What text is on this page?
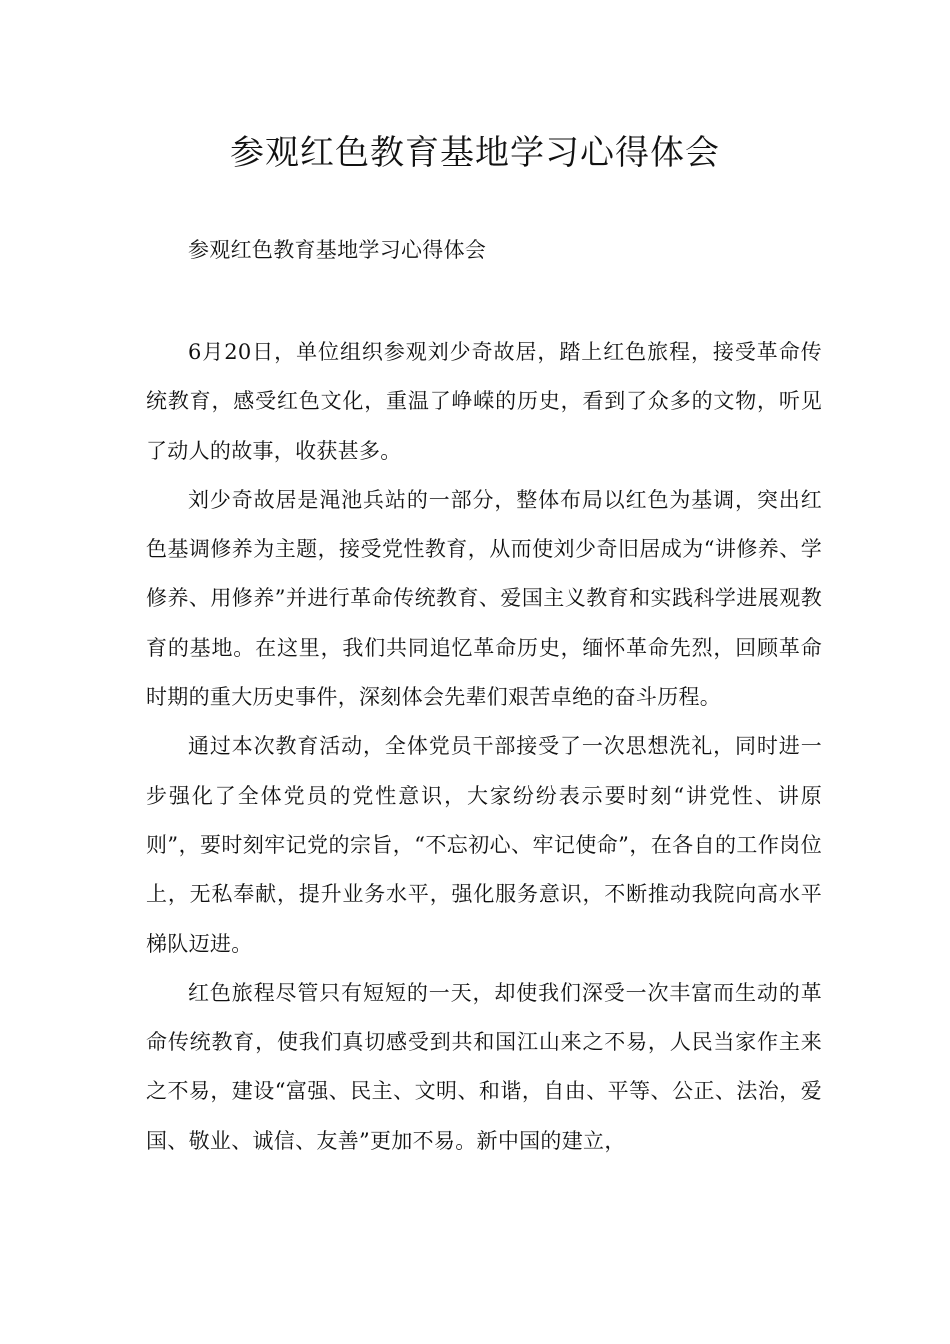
参观红色教育基地学习心得体会

参观红色教育基地学习心得体会

6月20日，单位组织参观刘少奇故居，踏上红色旅程，接受革命传统教育，感受红色文化，重温了峥嵘的历史，看到了众多的文物，听见了动人的故事，收获甚多。

刘少奇故居是渑池兵站的一部分，整体布局以红色为基调，突出红色基调修养为主题，接受党性教育，从而使刘少奇旧居成为“讲修养、学修养、用修养”并进行革命传统教育、爱国主义教育和实践科学进展观教育的基地。在这里，我们共同追忆革命历史，缅怀革命先烈，回顾革命时期的重大历史事件，深刻体会先辈们艰苦卓绝的奋斗历程。

通过本次教育活动，全体党员干部接受了一次思想洗礼，同时进一步强化了全体党员的党性意识，大家纷纷表示要时刻“讲党性、讲原则”，要时刻牢记党的宗旨，“不忘初心、牢记使命”，在各自的工作岗位上，无私奉献，提升业务水平，强化服务意识，不断推动我院向高水平梯队迈进。

红色旅程尽管只有短短的一天，却使我们深受一次丰富而生动的革命传统教育，使我们真切感受到共和国江山来之不易，人民当家作主来之不易，建设“富强、民主、文明、和谐，自由、平等、公正、法治，爱国、敬业、诚信、友善”更加不易。新中国的建立，
